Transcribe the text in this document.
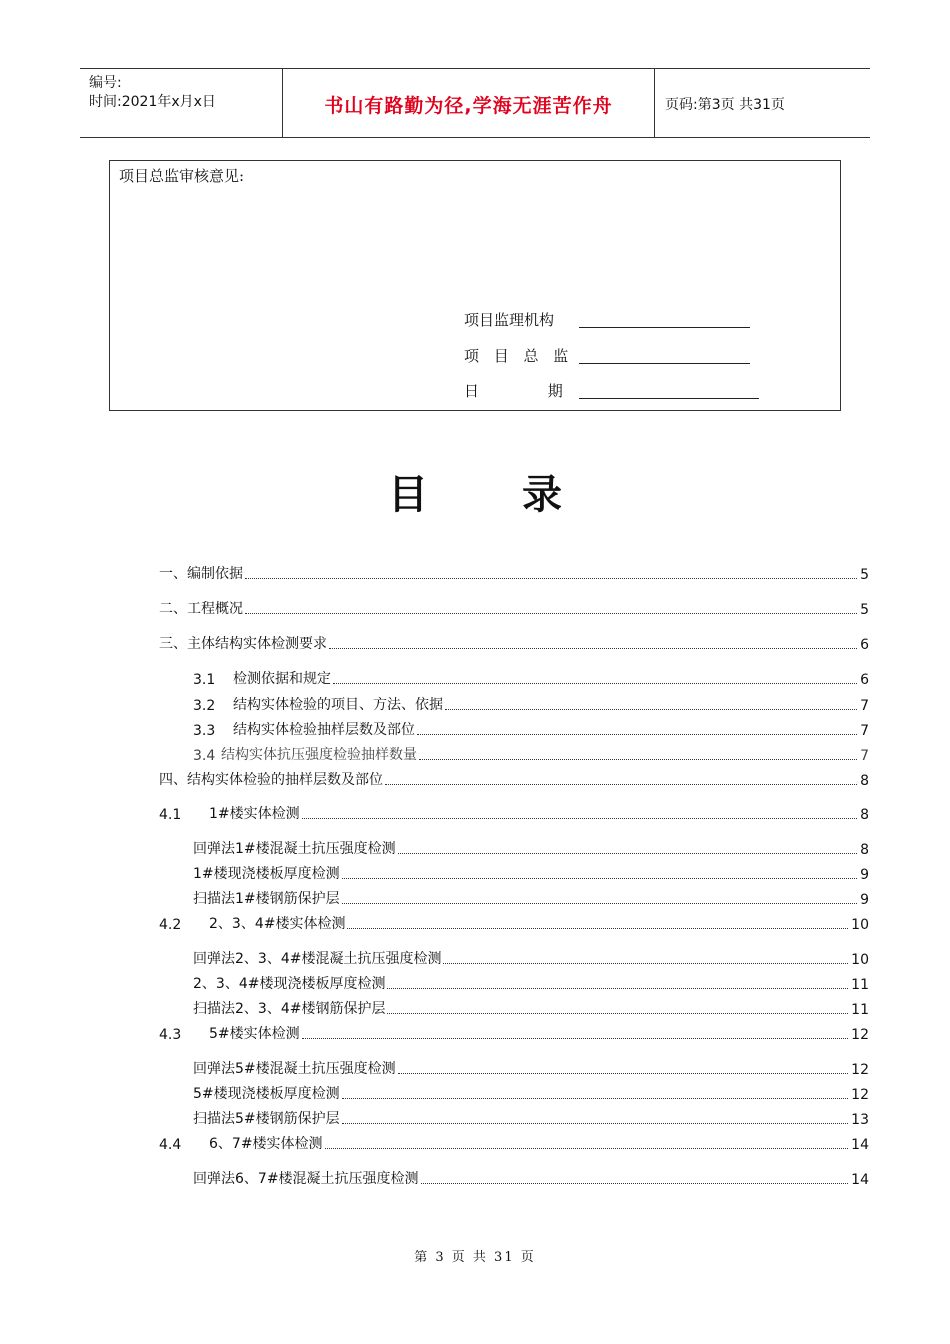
编号:
时间:2021年x月x日	书山有路勤为径,学海无涯苦作舟	页码:第3页 共31页
项目总监审核意见:
项目监理机构
项 目 总 监
日 期
目 录
一、编制依据	5
二、工程概况	5
三、主体结构实体检测要求	6
3.1	检测依据和规定	6
3.2	结构实体检验的项目、方法、依据	7
3.3	结构实体检验抽样层数及部位	7
3.4 结构实体抗压强度检验抽样数量	7
四、结构实体检验的抽样层数及部位	8
4.1	1#楼实体检测	8
回弹法1#楼混凝土抗压强度检测	8
1#楼现浇楼板厚度检测	9
扫描法1#楼钢筋保护层	9
4.2	2、3、4#楼实体检测	10
回弹法2、3、4#楼混凝土抗压强度检测	10
2、3、4#楼现浇楼板厚度检测	11
扫描法2、3、4#楼钢筋保护层	11
4.3	5#楼实体检测	12
回弹法5#楼混凝土抗压强度检测	12
5#楼现浇楼板厚度检测	12
扫描法5#楼钢筋保护层	13
4.4	6、7#楼实体检测	14
回弹法6、7#楼混凝土抗压强度检测	14
第 3 页 共 31 页
